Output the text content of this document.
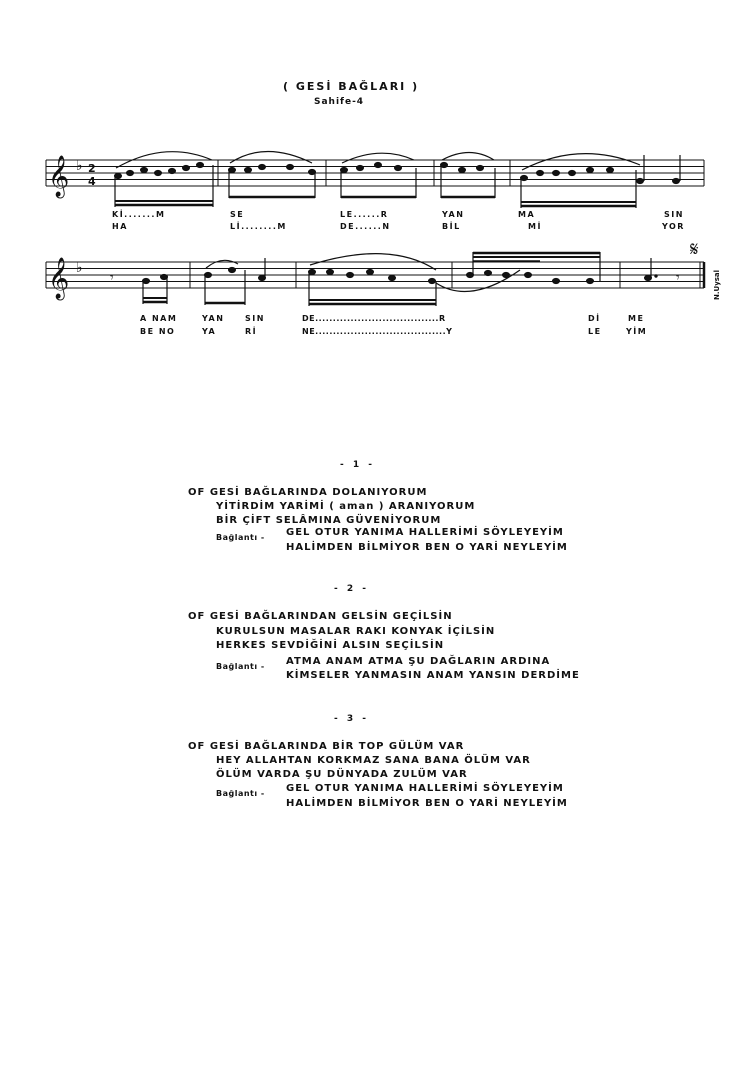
( GESİ BAĞLARI )
Sahife-4
𝄞
𝄞
♭
♭
2
4
𝄾	𝄾
𝄋
Kİ.......M	SE	LE......R	YAN	MA	SIN
HA	Lİ........M	DE......N	BİL	Mİ	YOR
A NAM	YAN	SIN	DE...................................R	Dİ	ME
BE NO	YA	Rİ	NE.....................................Y	LE	YİM
N.Uysal
- 1 -
OF GESİ BAĞLARINDA DOLANIYORUM
YİTİRDİM YARİMİ ( aman ) ARANIYORUM
BİR ÇİFT SELÂMINA GÜVENİYORUM
Bağlantı - GEL OTUR YANIMA HALLERİMİ SÖYLEYEYİM
HALİMDEN BİLMİYOR BEN O YARİ NEYLEYİM
- 2 -
OF GESİ BAĞLARINDAN GELSİN GEÇİLSİN
KURULSUN MASALAR RAKI KONYAK İÇİLSİN
HERKES SEVDİĞİNİ ALSIN SEÇİLSİN
Bağlantı - ATMA ANAM ATMA ŞU DAĞLARIN ARDINA
KİMSELER YANMASIN ANAM YANSIN DERDİME
- 3 -
OF GESİ BAĞLARINDA BİR TOP GÜLÜM VAR
HEY ALLAHTAN KORKMAZ SANA BANA ÖLÜM VAR
ÖLÜM VARDA ŞU DÜNYADA ZULÜM VAR
Bağlantı - GEL OTUR YANIMA HALLERİMİ SÖYLEYEYİM
HALİMDEN BİLMİYOR BEN O YARİ NEYLEYİM
